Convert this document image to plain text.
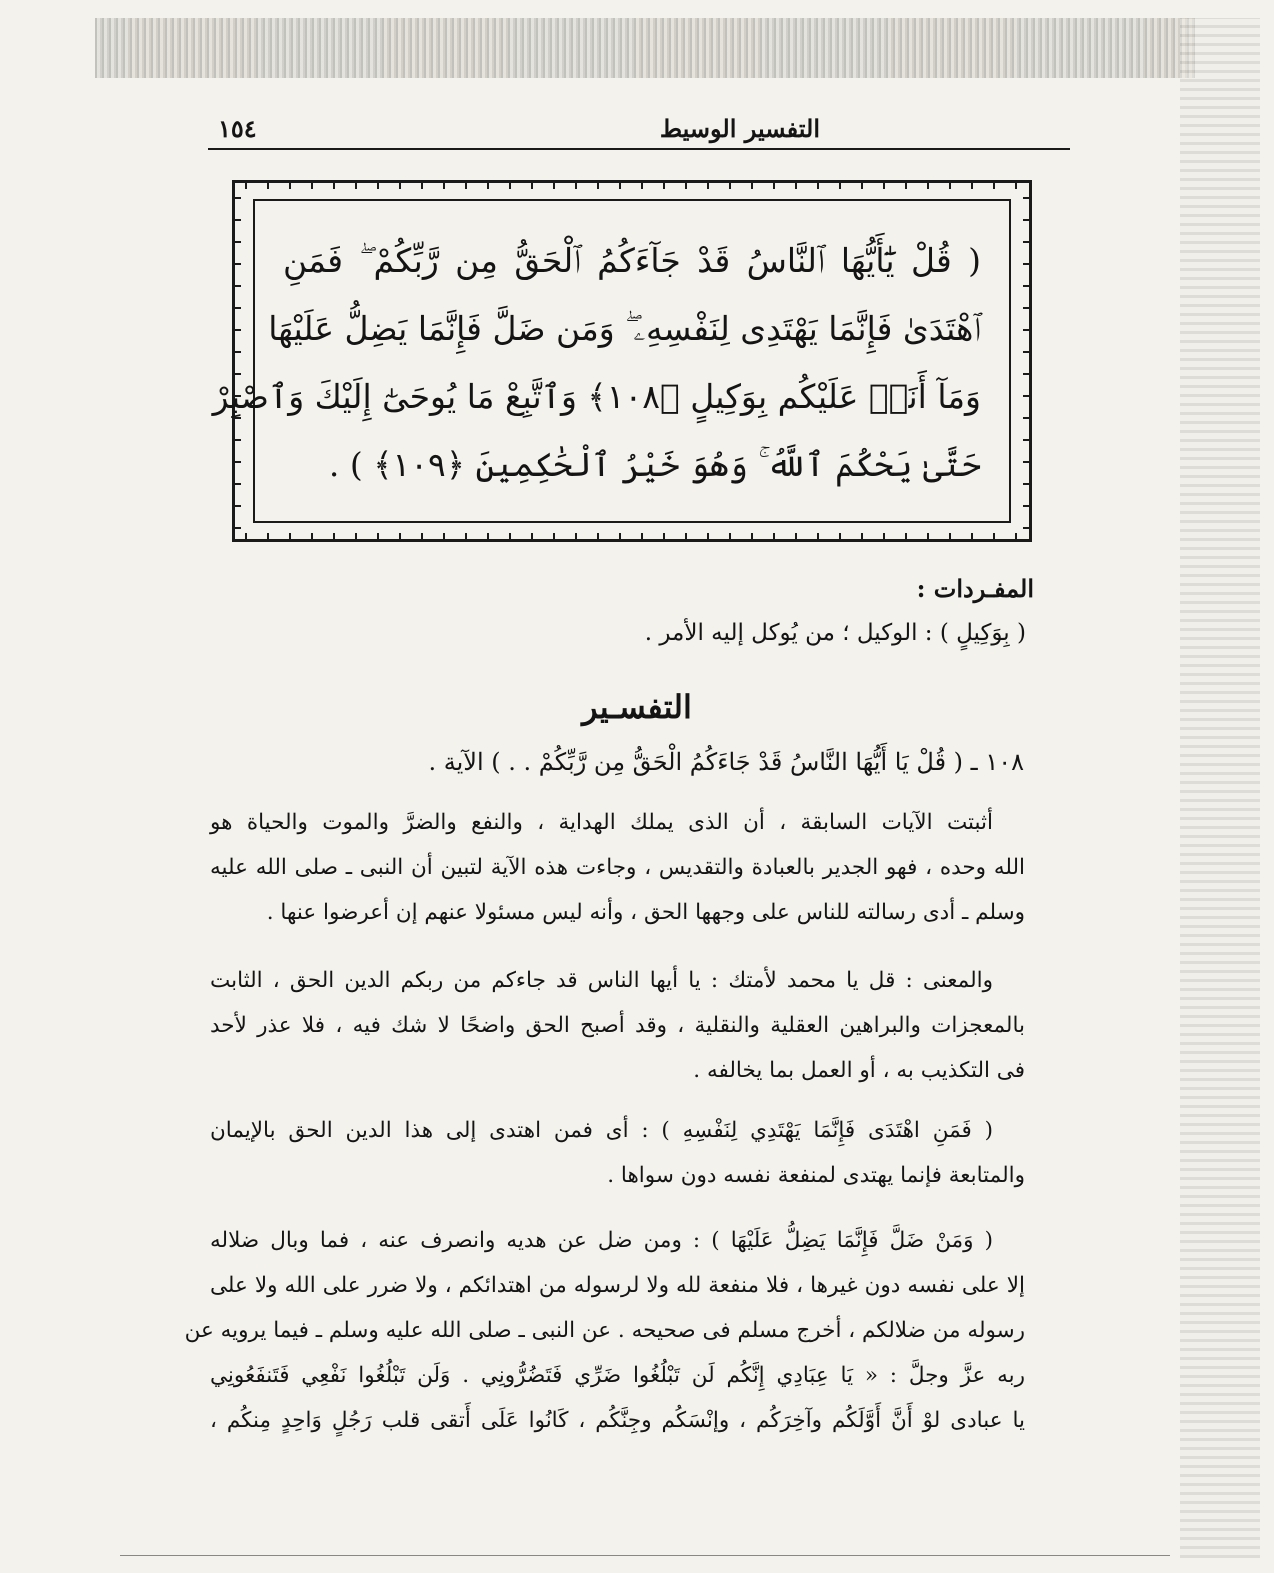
التفسير الوسيط
١٥٤
( قُلْ يَٰٓأَيُّهَا ٱلنَّاسُ قَدْ جَآءَكُمُ ٱلْحَقُّ مِن رَّبِّكُمْ ۖ فَمَنِ
ٱهْتَدَىٰ فَإِنَّمَا يَهْتَدِى لِنَفْسِهِۦ ۖ وَمَن ضَلَّ فَإِنَّمَا يَضِلُّ عَلَيْهَا
وَمَآ أَنَا۠ عَلَيْكُم بِوَكِيلٍ ﴿١٠٨﴾ وَٱتَّبِعْ مَا يُوحَىٰٓ إِلَيْكَ وَٱصْبِرْ
حَتَّىٰ يَحْكُمَ ٱللَّهُ ۚ وَهُوَ خَيْرُ ٱلْحَٰكِمِينَ ﴿١٠٩﴾ ) .
المفـردات :
( بِوَكِيلٍ ) : الوكيل ؛ من يُوكل إليه الأمر .
التفسـير
١٠٨ ـ ( قُلْ يَا أَيُّهَا النَّاسُ قَدْ جَاءَكُمُ الْحَقُّ مِن رَّبِّكُمْ . . ) الآية .
أثبتت الآيات السابقة ، أن الذى يملك الهداية ، والنفع والضرَّ والموت والحياة هو
الله وحده ، فهو الجدير بالعبادة والتقديس ، وجاءت هذه الآية لتبين أن النبى ـ صلى الله عليه
وسلم ـ أدى رسالته للناس على وجهها الحق ، وأنه ليس مسئولا عنهم إن أعرضوا عنها .
والمعنى : قل يا محمد لأمتك : يا أيها الناس قد جاءكم من ربكم الدين الحق ، الثابت
بالمعجزات والبراهين العقلية والنقلية ، وقد أصبح الحق واضحًا لا شك فيه ، فلا عذر لأحد
فى التكذيب به ، أو العمل بما يخالفه .
( فَمَنِ اهْتَدَى فَإِنَّمَا يَهْتَدِي لِنَفْسِهِ ) : أى فمن اهتدى إلى هذا الدين الحق بالإيمان
والمتابعة فإنما يهتدى لمنفعة نفسه دون سواها .
( وَمَنْ ضَلَّ فَإِنَّمَا يَضِلُّ عَلَيْهَا ) : ومن ضل عن هديه وانصرف عنه ، فما وبال ضلاله
إلا على نفسه دون غيرها ، فلا منفعة لله ولا لرسوله من اهتدائكم ، ولا ضرر على الله ولا على
رسوله من ضلالكم ، أخرج مسلم فى صحيحه . عن النبى ـ صلى الله عليه وسلم ـ فيما يرويه عن
ربه عزَّ وجلَّ : « يَا عِبَادِي إِنَّكُم لَن تَبْلُغُوا ضَرِّي فَتَضُرُّونِي . وَلَن تَبْلُغُوا نَفْعِي فَتَنفَعُونِي
يا عبادى لوْ أَنَّ أَوَّلَكُم وآخِرَكُم ، وإنْسَكُم وجِنَّكُم ، كَانُوا عَلَى أَتقى قلب رَجُلٍ وَاحِدٍ مِنكُم ،
